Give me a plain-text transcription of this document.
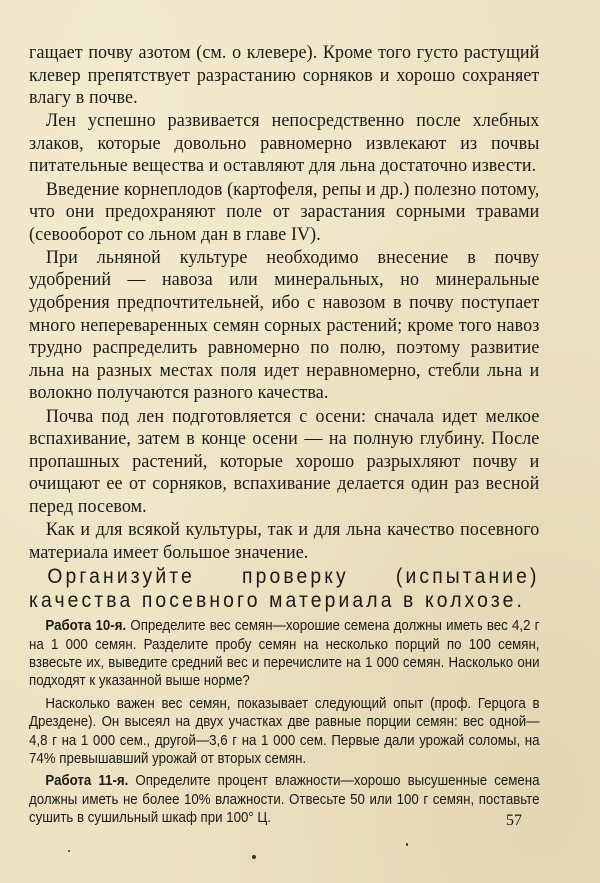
гащает почву азотом (см. о клевере). Кроме того густо растущий клевер препятствует разрастанию сорняков и хорошо сохраняет влагу в почве.

Лен успешно развивается непосредственно после хлебных злаков, которые довольно равномерно извлекают из почвы питательные вещества и оставляют для льна достаточно извести.

Введение корнеплодов (картофеля, репы и др.) полезно потому, что они предохраняют поле от зарастания сорными травами (севооборот со льном дан в главе IV).

При льняной культуре необходимо внесение в почву удобрений — навоза или минеральных, но минеральные удобрения предпочтительней, ибо с навозом в почву поступает много непереваренных семян сорных растений; кроме того навоз трудно распределить равномерно по полю, поэтому развитие льна на разных местах поля идет неравномерно, стебли льна и волокно получаются разного качества.

Почва под лен подготовляется с осени: сначала идет мелкое вспахивание, затем в конце осени — на полную глубину. После пропашных растений, которые хорошо разрыхляют почву и очищают ее от сорняков, вспахивание делается один раз весной перед посевом.

Как и для всякой культуры, так и для льна качество посевного материала имеет большое значение.

Организуйте проверку (испытание) качества посевного материала в колхозе.

Работа 10-я. Определите вес семян—хорошие семена должны иметь вес 4,2 г на 1 000 семян. Разделите пробу семян на несколько порций по 100 семян, взвесьте их, выведите средний вес и перечислите на 1 000 семян. Насколько они подходят к указанной выше норме?

Насколько важен вес семян, показывает следующий опыт (проф. Герцога в Дрездене). Он высеял на двух участках две равные порции семян: вес одной—4,8 г на 1 000 сем., другой—3,6 г на 1 000 сем. Первые дали урожай соломы, на 74% превышавший урожай от вторых семян.

Работа 11-я. Определите процент влажности—хорошо высушенные семена должны иметь не более 10% влажности. Отвесьте 50 или 100 г семян, поставьте сушить в сушильный шкаф при 100° Ц.	57
